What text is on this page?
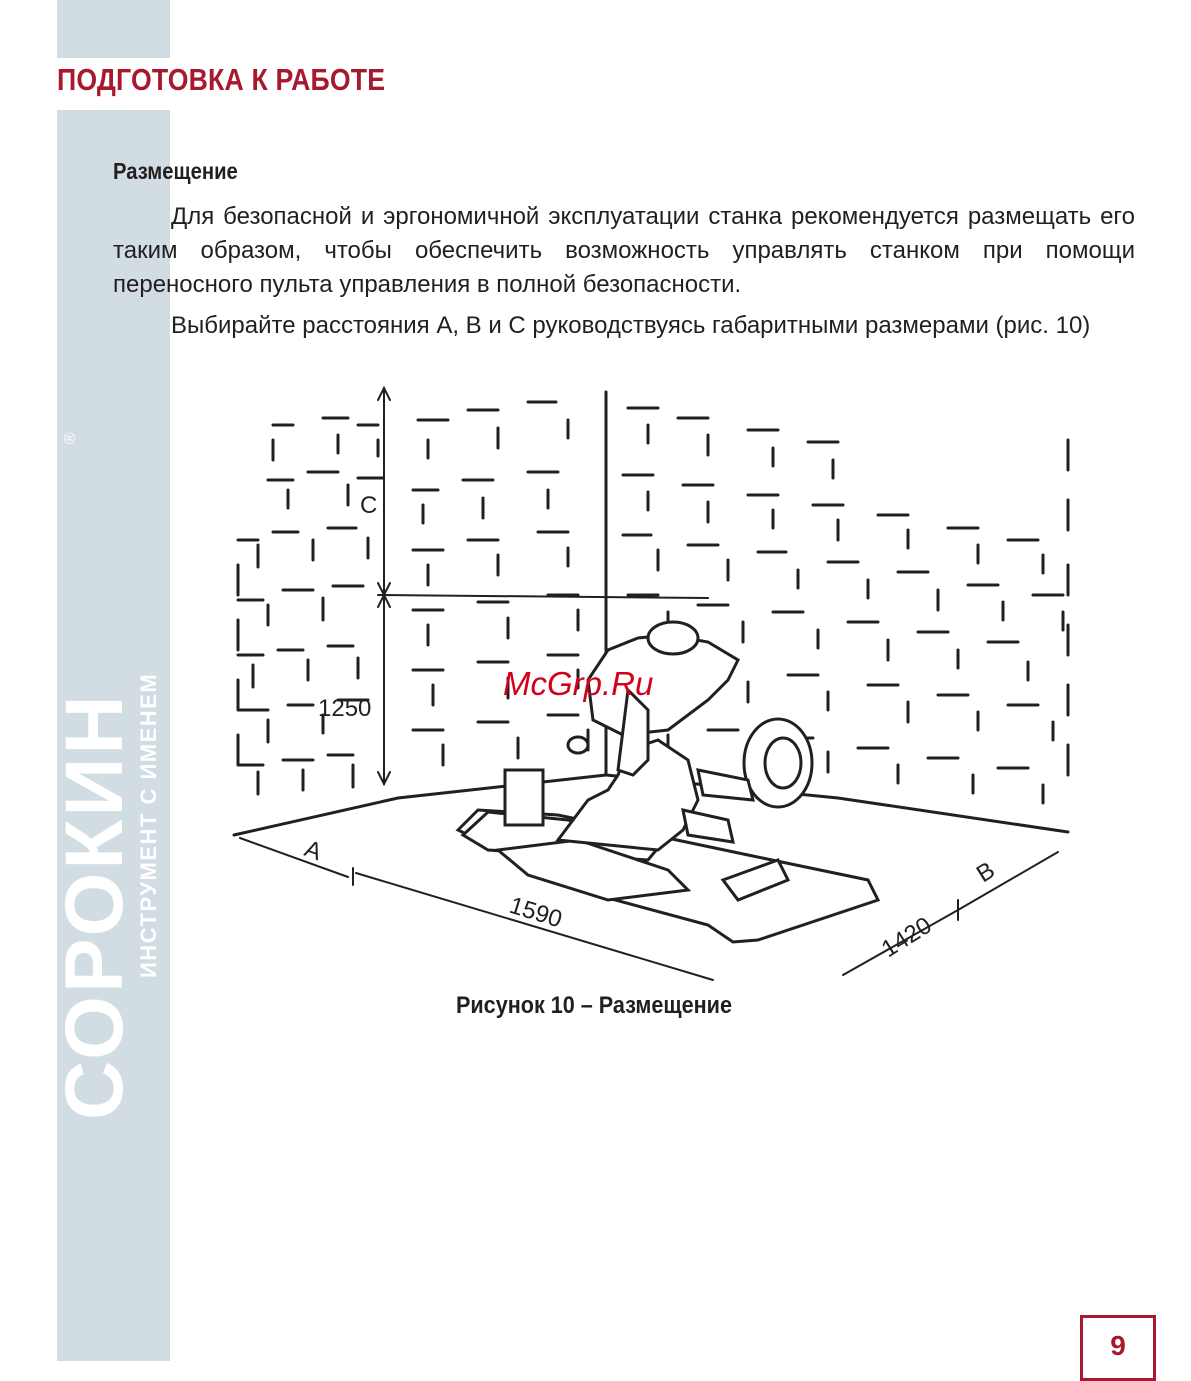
СОРОКИН
®
ИНСТРУМЕНТ С ИМЕНЕМ
ПОДГОТОВКА К РАБОТЕ
Размещение

Для безопасной и эргономичной эксплуатации станка рекомендуется размещать его таким образом, чтобы обеспечить возможность управлять станком при помощи переносного пульта управления в полной безопасности.

Выбирайте расстояния А, В и С руководствуясь габаритными размерами (рис. 10)

C
1250
A
B
1590	1420
McGrp.Ru
Рисунок 10 – Размещение
9
